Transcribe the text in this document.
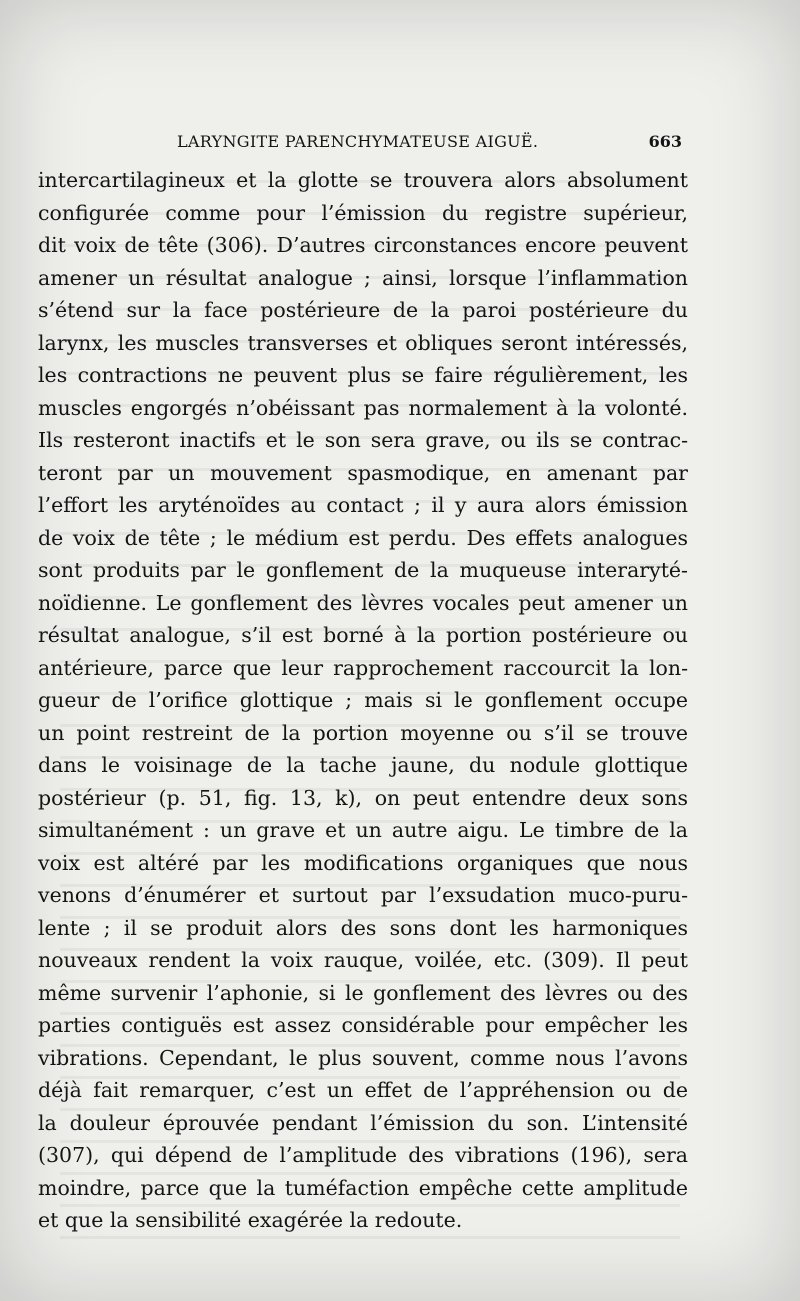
LARYNGITE PARENCHYMATEUSE AIGUË.	663
intercartilagineux et la glotte se trouvera alors absolument
configurée comme pour l’émission du registre supérieur,
dit voix de tête (306). D’autres circonstances encore peuvent
amener un résultat analogue ; ainsi, lorsque l’inflammation
s’étend sur la face postérieure de la paroi postérieure du
larynx, les muscles transverses et obliques seront intéressés,
les contractions ne peuvent plus se faire régulièrement, les
muscles engorgés n’obéissant pas normalement à la volonté.
Ils resteront inactifs et le son sera grave, ou ils se contrac-
teront par un mouvement spasmodique, en amenant par
l’effort les aryténoïdes au contact ; il y aura alors émission
de voix de tête ; le médium est perdu. Des effets analogues
sont produits par le gonflement de la muqueuse interaryté-
noïdienne. Le gonflement des lèvres vocales peut amener un
résultat analogue, s’il est borné à la portion postérieure ou
antérieure, parce que leur rapprochement raccourcit la lon-
gueur de l’orifice glottique ; mais si le gonflement occupe
un point restreint de la portion moyenne ou s’il se trouve
dans le voisinage de la tache jaune, du nodule glottique
postérieur (p. 51, fig. 13, k), on peut entendre deux sons
simultanément : un grave et un autre aigu. Le timbre de la
voix est altéré par les modifications organiques que nous
venons d’énumérer et surtout par l’exsudation muco-puru-
lente ; il se produit alors des sons dont les harmoniques
nouveaux rendent la voix rauque, voilée, etc. (309). Il peut
même survenir l’aphonie, si le gonflement des lèvres ou des
parties contiguës est assez considérable pour empêcher les
vibrations. Cependant, le plus souvent, comme nous l’avons
déjà fait remarquer, c’est un effet de l’appréhension ou de
la douleur éprouvée pendant l’émission du son. L’intensité
(307), qui dépend de l’amplitude des vibrations (196), sera
moindre, parce que la tuméfaction empêche cette amplitude
et que la sensibilité exagérée la redoute.
